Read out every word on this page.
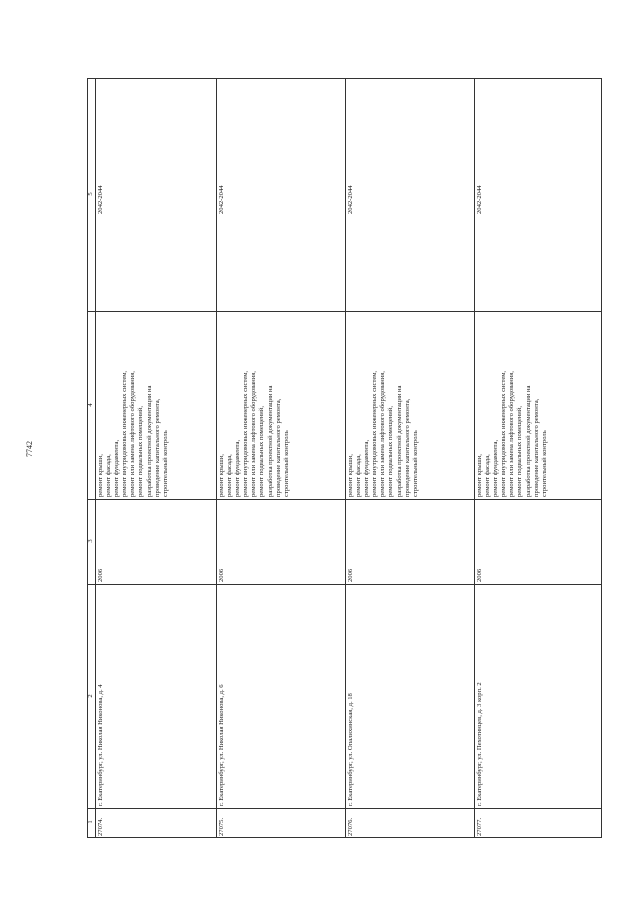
7742
5
4
3
2
1 27074.
г. Екатеринбург, ул. Николая Никонова, д. 4
2006
ремонт крыши, ремонт фасада, ремонт фундамента, ремонт внутридомовых инженерных систем, ремонт или замена лифтового оборудования, ремонт подвальных помещений, разработка проектной документации на проведение капитального ремонта, строительный контроль
2042-2044
27075.
г. Екатеринбург, ул. Николая Никонова, д. 6
2006
ремонт крыши, ремонт фасада, ремонт фундамента, ремонт внутридомовых инженерных систем, ремонт или замена лифтового оборудования, ремонт подвальных помещений, разработка проектной документации на проведение капитального ремонта, строительный контроль
2042-2044
27076.
г. Екатеринбург, ул. Опалихинская, д. 18
2006
ремонт крыши, ремонт фасада, ремонт фундамента, ремонт внутридомовых инженерных систем, ремонт или замена лифтового оборудования, ремонт подвальных помещений, разработка проектной документации на проведение капитального ремонта, строительный контроль
2042-2044
27077.
г. Екатеринбург, ул. Пехотинцев, д. 3 корп. 2
2006
ремонт крыши, ремонт фасада, ремонт фундамента, ремонт внутридомовых инженерных систем, ремонт или замена лифтового оборудования, ремонт подвальных помещений, разработка проектной документации на проведение капитального ремонта, строительный контроль
2042-2044
